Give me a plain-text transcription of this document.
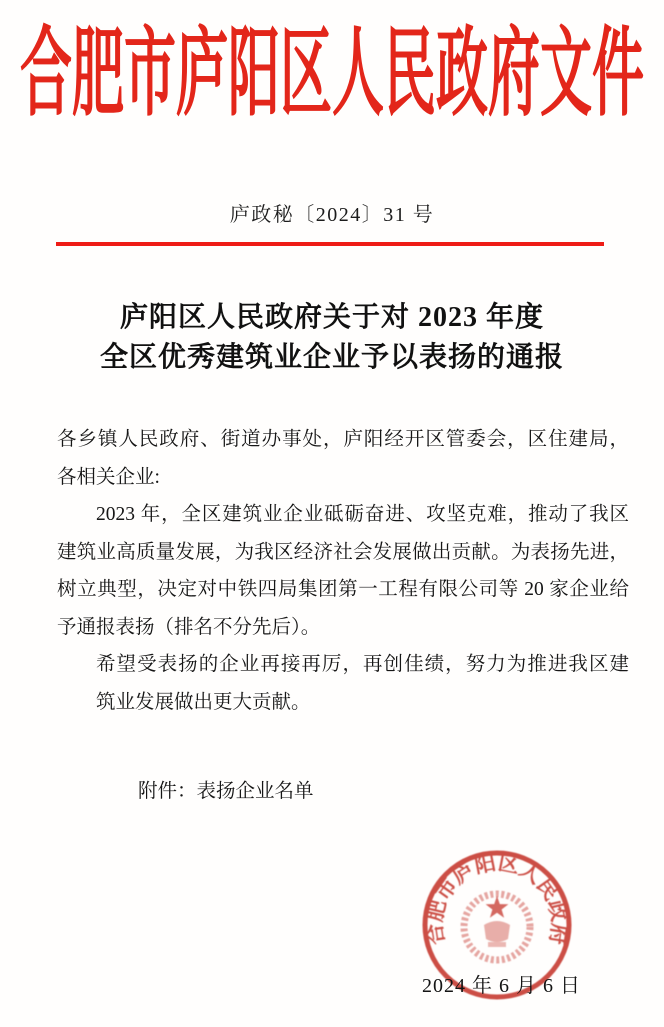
合肥市庐阳区人民政府文件
庐政秘〔2024〕31 号
庐阳区人民政府关于对 2023 年度
全区优秀建筑业企业予以表扬的通报
各乡镇人民政府、街道办事处，庐阳经开区管委会，区住建局，
各相关企业:
2023 年，全区建筑业企业砥砺奋进、攻坚克难，推动了我区
建筑业高质量发展，为我区经济社会发展做出贡献。为表扬先进，
树立典型，决定对中铁四局集团第一工程有限公司等 20 家企业给
予通报表扬（排名不分先后）。
希望受表扬的企业再接再厉，再创佳绩，努力为推进我区建
筑业发展做出更大贡献。
附件：表扬企业名单
合肥市庐阳区人民政府
2024 年 6 月 6 日
